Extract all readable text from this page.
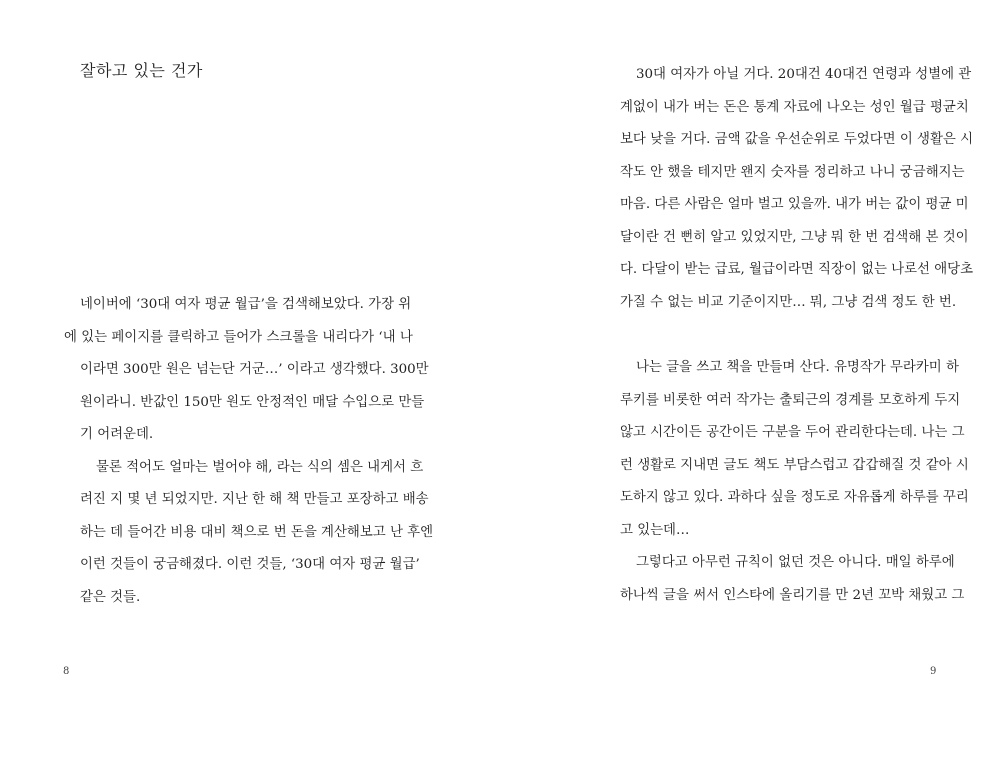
잘하고 있는 건가

네이버에 ‘30대 여자 평균 월급’을 검색해보았다. 가장 위
에 있는 페이지를 클릭하고 들어가 스크롤을 내리다가 ‘내 나
이라면 300만 원은 넘는단 거군…’ 이라고 생각했다. 300만
원이라니. 반값인 150만 원도 안정적인 매달 수입으로 만들
기 어려운데.

물론 적어도 얼마는 벌어야 해, 라는 식의 셈은 내게서 흐
려진 지 몇 년 되었지만. 지난 한 해 책 만들고 포장하고 배송
하는 데 들어간 비용 대비 책으로 번 돈을 계산해보고 난 후엔
이런 것들이 궁금해졌다. 이런 것들, ‘30대 여자 평균 월급’
같은 것들.

8	9

30대 여자가 아닐 거다. 20대건 40대건 연령과 성별에 관
계없이 내가 버는 돈은 통계 자료에 나오는 성인 월급 평균치
보다 낮을 거다. 금액 값을 우선순위로 두었다면 이 생활은 시
작도 안 했을 테지만 왠지 숫자를 정리하고 나니 궁금해지는
마음. 다른 사람은 얼마 벌고 있을까. 내가 버는 값이 평균 미
달이란 건 뻔히 알고 있었지만, 그냥 뭐 한 번 검색해 본 것이
다. 다달이 받는 급료, 월급이라면 직장이 없는 나로선 애당초
가질 수 없는 비교 기준이지만… 뭐, 그냥 검색 정도 한 번.

나는 글을 쓰고 책을 만들며 산다. 유명작가 무라카미 하
루키를 비롯한 여러 작가는 출퇴근의 경계를 모호하게 두지
않고 시간이든 공간이든 구분을 두어 관리한다는데. 나는 그
런 생활로 지내면 글도 책도 부담스럽고 갑갑해질 것 같아 시
도하지 않고 있다. 과하다 싶을 정도로 자유롭게 하루를 꾸리
고 있는데…

그렇다고 아무런 규칙이 없던 것은 아니다. 매일 하루에
하나씩 글을 써서 인스타에 올리기를 만 2년 꼬박 채웠고 그
